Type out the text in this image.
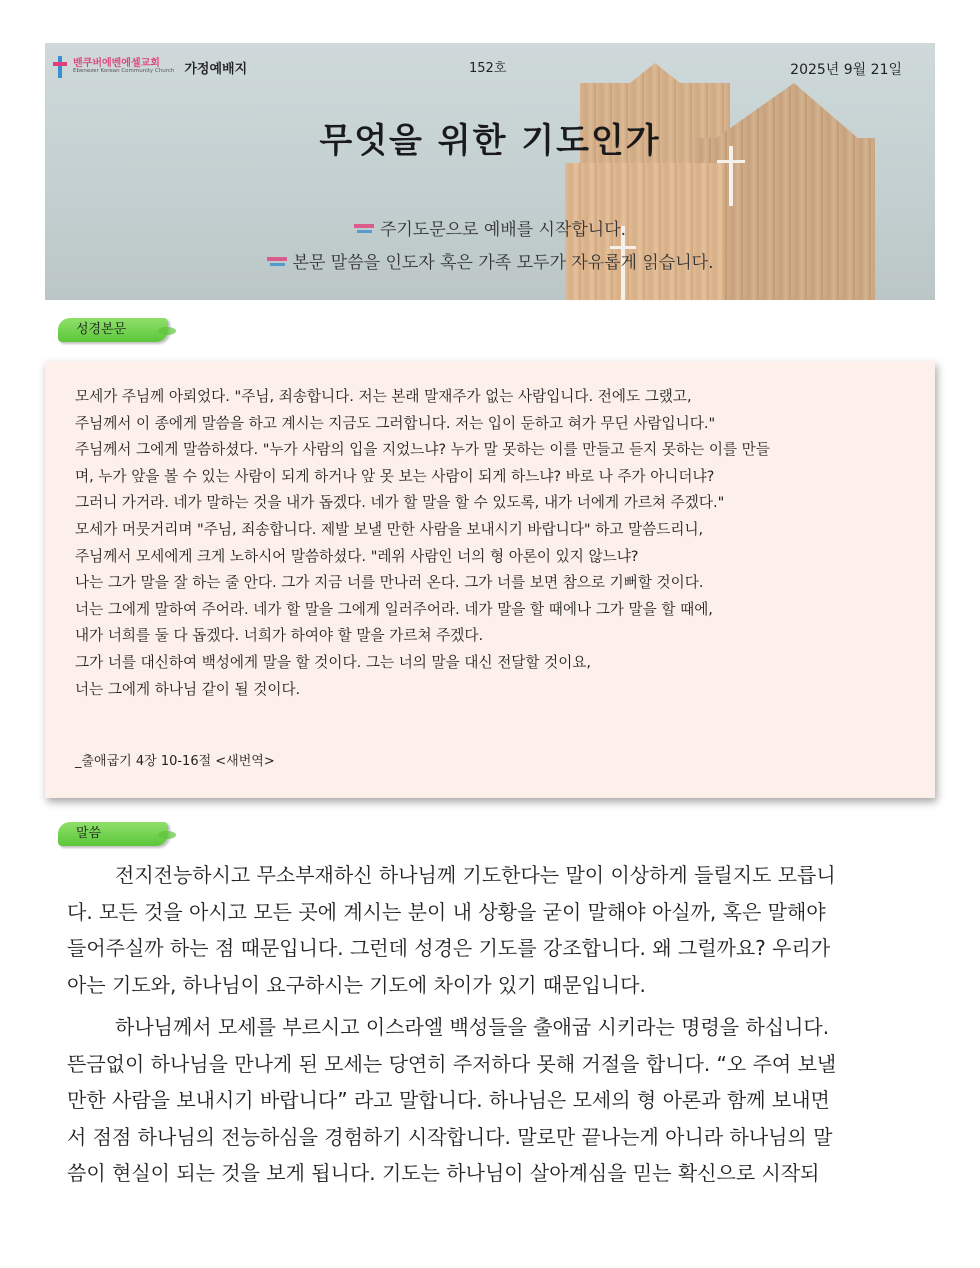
밴쿠버에벤에셀교회
Ebenezer Korean Community Church 가정예배지	152호	2025년 9월 21일
무엇을 위한 기도인가
주기도문으로 예배를 시작합니다.
본문 말씀을 인도자 혹은 가족 모두가 자유롭게 읽습니다.
성경본문
모세가 주님께 아뢰었다. "주님, 죄송합니다. 저는 본래 말재주가 없는 사람입니다. 전에도 그랬고,
주님께서 이 종에게 말씀을 하고 계시는 지금도 그러합니다. 저는 입이 둔하고 혀가 무딘 사람입니다."
주님께서 그에게 말씀하셨다. "누가 사람의 입을 지었느냐? 누가 말 못하는 이를 만들고 듣지 못하는 이를 만들
며, 누가 앞을 볼 수 있는 사람이 되게 하거나 앞 못 보는 사람이 되게 하느냐? 바로 나 주가 아니더냐?
그러니 가거라. 네가 말하는 것을 내가 돕겠다. 네가 할 말을 할 수 있도록, 내가 너에게 가르쳐 주겠다."
모세가 머뭇거리며 "주님, 죄송합니다. 제발 보낼 만한 사람을 보내시기 바랍니다" 하고 말씀드리니,
주님께서 모세에게 크게 노하시어 말씀하셨다. "레위 사람인 너의 형 아론이 있지 않느냐?
나는 그가 말을 잘 하는 줄 안다. 그가 지금 너를 만나러 온다. 그가 너를 보면 참으로 기뻐할 것이다.
너는 그에게 말하여 주어라. 네가 할 말을 그에게 일러주어라. 네가 말을 할 때에나 그가 말을 할 때에,
내가 너희를 둘 다 돕겠다. 너희가 하여야 할 말을 가르쳐 주겠다.
그가 너를 대신하여 백성에게 말을 할 것이다. 그는 너의 말을 대신 전달할 것이요,
너는 그에게 하나님 같이 될 것이다.
_출애굽기 4장 10-16절 <새번역>
말씀
전지전능하시고 무소부재하신 하나님께 기도한다는 말이 이상하게 들릴지도 모릅니
다. 모든 것을 아시고 모든 곳에 계시는 분이 내 상황을 굳이 말해야 아실까, 혹은 말해야
들어주실까 하는 점 때문입니다. 그런데 성경은 기도를 강조합니다. 왜 그럴까요? 우리가
아는 기도와, 하나님이 요구하시는 기도에 차이가 있기 때문입니다.
하나님께서 모세를 부르시고 이스라엘 백성들을 출애굽 시키라는 명령을 하십니다.
뜬금없이 하나님을 만나게 된 모세는 당연히 주저하다 못해 거절을 합니다. “오 주여 보낼
만한 사람을 보내시기 바랍니다” 라고 말합니다. 하나님은 모세의 형 아론과 함께 보내면
서 점점 하나님의 전능하심을 경험하기 시작합니다. 말로만 끝나는게 아니라 하나님의 말
씀이 현실이 되는 것을 보게 됩니다. 기도는 하나님이 살아계심을 믿는 확신으로 시작되
